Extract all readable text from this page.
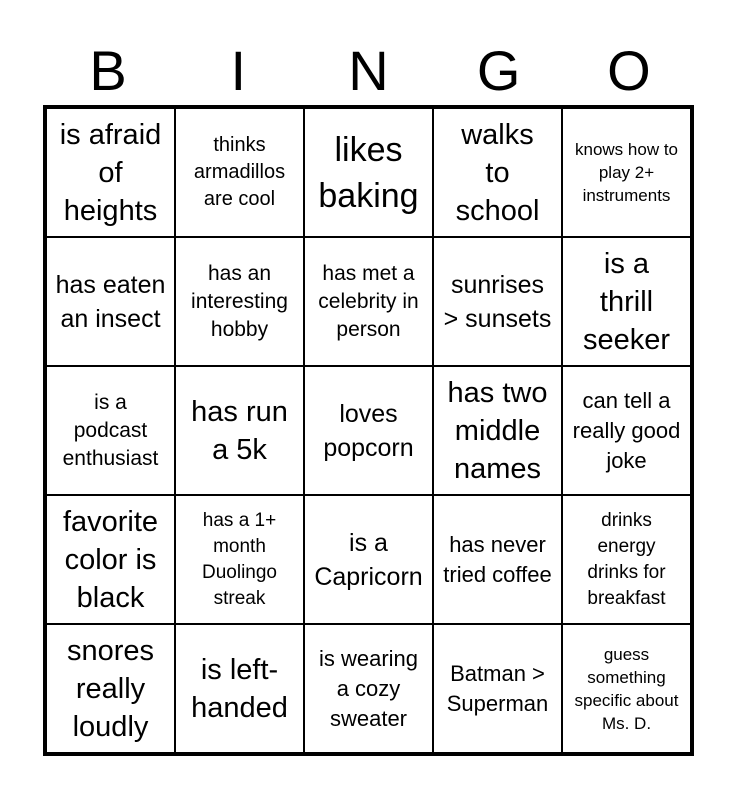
B	I	N	G	O
is afraid of heights
thinks armadillos are cool
likes baking
walks to school
knows how to play 2+ instruments
has eaten an insect
has an interesting hobby
has met a celebrity in person
sunrises > sunsets
is a thrill seeker
is a podcast enthusiast
has run a 5k
loves popcorn
has two middle names
can tell a really good joke
favorite color is black
has a 1+ month Duolingo streak
is a Capricorn
has never tried coffee
drinks energy drinks for breakfast
snores really loudly
is left-handed
is wearing a cozy sweater
Batman > Superman
guess something specific about Ms. D.
